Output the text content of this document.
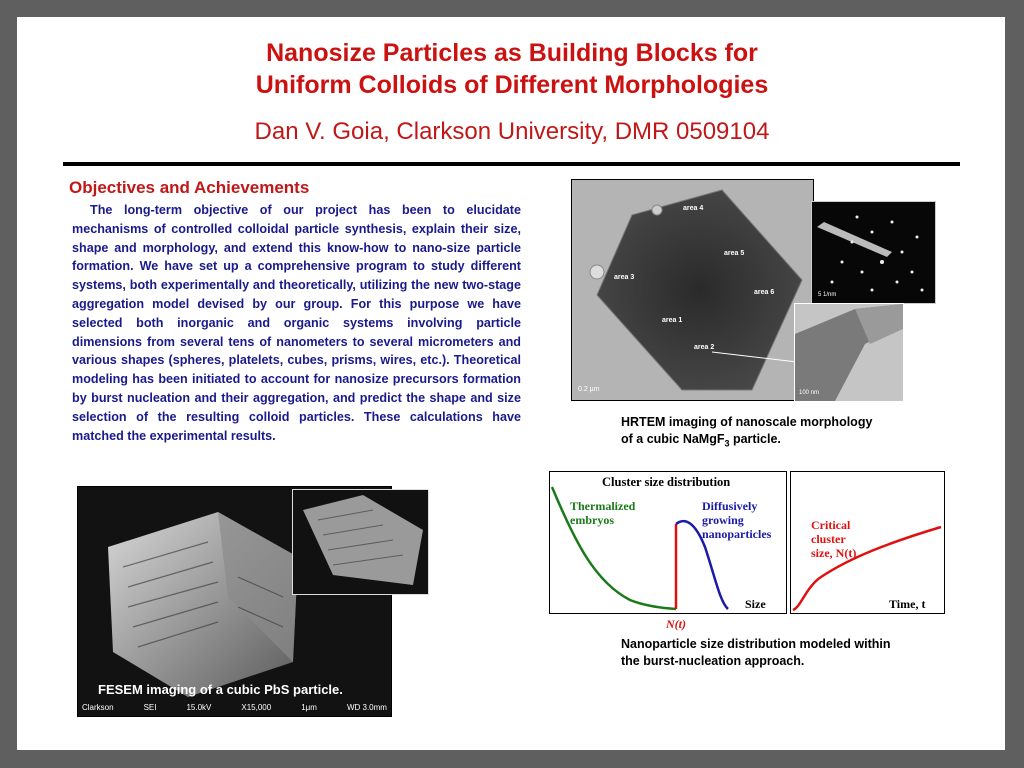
Nanosize Particles as Building Blocks for
Uniform Colloids of Different Morphologies
Dan V. Goia, Clarkson University, DMR 0509104
Objectives and Achievements

The long-term objective of our project has been to elucidate mechanisms of controlled colloidal particle synthesis, explain their size, shape and morphology, and extend this know-how to nano-size particle formation. We have set up a comprehensive program to study different systems, both experimentally and theoretically, utilizing the new two-stage aggregation model devised by our group. For this purpose we have selected both inorganic and organic systems involving particle dimensions from several tens of nanometers to several micrometers and various shapes (spheres, platelets, cubes, prisms, wires, etc.). Theoretical modeling has been initiated to account for nanosize precursors formation by burst nucleation and their aggregation, and predict the shape and size selection of the resulting colloid particles. These calculations have matched the experimental results.

area 4
area 5
area 3
area 6
area 1
area 2
0.2 μm
5 1/nm
100 nm
HRTEM imaging of nanoscale morphology
of a cubic NaMgF$_3$ particle.
FESEM imaging of a cubic PbS particle.
Clarkson	SEI	15.0kV	X15,000	1μm	WD 3.0mm
Cluster size distribution
Thermalized
embryos
Diffusively
growing
nanoparticles
Size
N(t)
Critical
cluster
size, N(t)
Time, t
Nanoparticle size distribution modeled within
the burst-nucleation approach.
